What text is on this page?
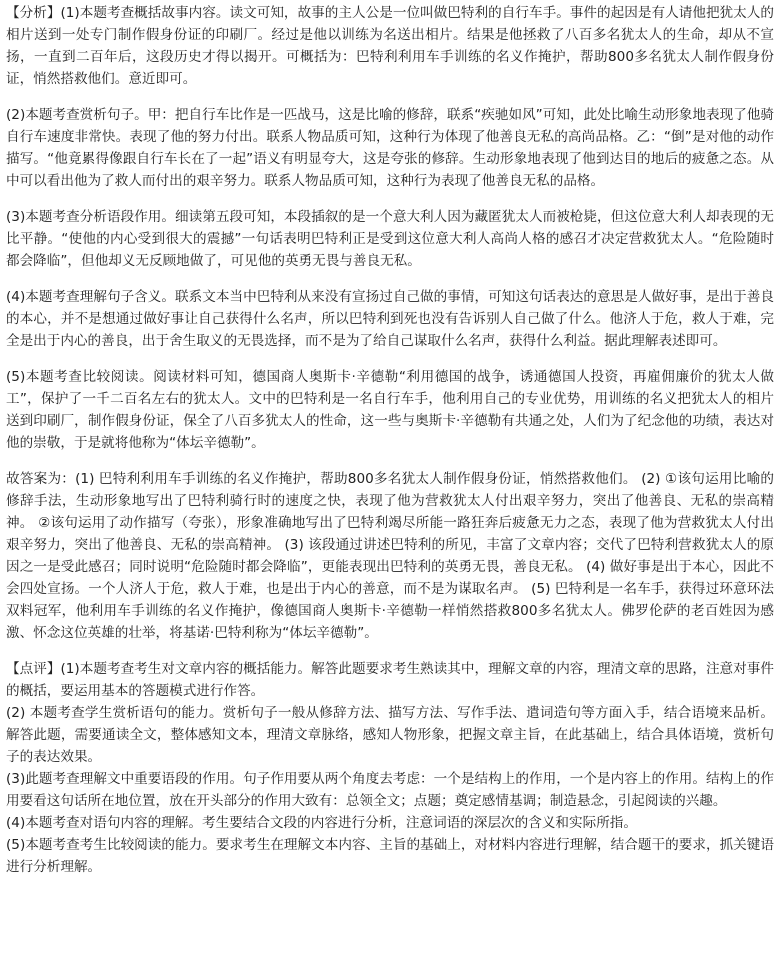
【分析】(1)本题考查概括故事内容。读文可知，故事的主人公是一位叫做巴特利的自行车手。事件的起因是有人请他把犹太人的相片送到一处专门制作假身份证的印刷厂。经过是他以训练为名送出相片。结果是他拯救了八百多名犹太人的生命，却从不宣扬，一直到二百年后，这段历史才得以揭开。可概括为：巴特利利用车手训练的名义作掩护，帮助800多名犹太人制作假身份证，悄然搭救他们。意近即可。

(2)本题考查赏析句子。甲：把自行车比作是一匹战马，这是比喻的修辞，联系“疾驰如风”可知，此处比喻生动形象地表现了他骑自行车速度非常快。表现了他的努力付出。联系人物品质可知，这种行为体现了他善良无私的高尚品格。乙：“倒”是对他的动作描写。“他竟累得像跟自行车长在了一起”语义有明显夸大，这是夸张的修辞。生动形象地表现了他到达目的地后的疲惫之态。从中可以看出他为了救人而付出的艰辛努力。联系人物品质可知，这种行为表现了他善良无私的品格。

(3)本题考查分析语段作用。细读第五段可知，本段插叙的是一个意大利人因为藏匿犹太人而被枪毙，但这位意大利人却表现的无比平静。“使他的内心受到很大的震撼”一句话表明巴特利正是受到这位意大利人高尚人格的感召才决定营救犹太人。“危险随时都会降临”，但他却义无反顾地做了，可见他的英勇无畏与善良无私。

(4)本题考查理解句子含义。联系文本当中巴特利从来没有宣扬过自己做的事情，可知这句话表达的意思是人做好事，是出于善良的本心，并不是想通过做好事让自己获得什么名声，所以巴特利到死也没有告诉别人自己做了什么。他济人于危，救人于难，完全是出于内心的善良，出于舍生取义的无畏选择，而不是为了给自己谋取什么名声，获得什么利益。据此理解表述即可。

(5)本题考查比较阅读。阅读材料可知，德国商人奥斯卡·辛德勒“利用德国的战争，诱通德国人投资，再雇佣廉价的犹太人做工”，保护了一千二百名左右的犹太人。文中的巴特利是一名自行车手，他利用自己的专业优势，用训练的名义把犹太人的相片送到印刷厂，制作假身份证，保全了八百多犹太人的性命，这一些与奥斯卡·辛德勒有共通之处，人们为了纪念他的功绩，表达对他的崇敬，于是就将他称为“体坛辛德勒”。

故答案为：(1) 巴特利利用车手训练的名义作掩护，帮助800多名犹太人制作假身份证，悄然搭救他们。 (2) ①该句运用比喻的修辞手法，生动形象地写出了巴特利骑行时的速度之快，表现了他为营救犹太人付出艰辛努力，突出了他善良、无私的崇高精神。 ②该句运用了动作描写（夸张），形象准确地写出了巴特利竭尽所能一路狂奔后疲惫无力之态，表现了他为营救犹太人付出艰辛努力，突出了他善良、无私的崇高精神。 (3) 该段通过讲述巴特利的所见，丰富了文章内容；交代了巴特利营救犹太人的原因之一是受此感召；同时说明“危险随时都会降临”，更能表现出巴特利的英勇无畏，善良无私。 (4) 做好事是出于本心，因此不会四处宣扬。一个人济人于危，救人于难，也是出于内心的善意，而不是为谋取名声。 (5) 巴特利是一名车手，获得过环意环法双料冠军，他利用车手训练的名义作掩护，像德国商人奥斯卡·辛德勒一样悄然搭救800多名犹太人。佛罗伦萨的老百姓因为感激、怀念这位英雄的壮举，将基诺·巴特利称为“体坛辛德勒”。

【点评】(1)本题考查考生对文章内容的概括能力。解答此题要求考生熟读其中，理解文章的内容，理清文章的思路，注意对事件的概括，要运用基本的答题模式进行作答。

(2) 本题考查学生赏析语句的能力。赏析句子一般从修辞方法、描写方法、写作手法、遣词造句等方面入手，结合语境来品析。解答此题，需要通读全文，整体感知文本，理清文章脉络，感知人物形象，把握文章主旨，在此基础上，结合具体语境，赏析句子的表达效果。

(3)此题考查理解文中重要语段的作用。句子作用要从两个角度去考虑：一个是结构上的作用，一个是内容上的作用。结构上的作用要看这句话所在地位置，放在开头部分的作用大致有：总领全文；点题；奠定感情基调；制造悬念，引起阅读的兴趣。

(4)本题考查对语句内容的理解。考生要结合文段的内容进行分析，注意词语的深层次的含义和实际所指。

(5)本题考查考生比较阅读的能力。要求考生在理解文本内容、主旨的基础上，对材料内容进行理解，结合题干的要求，抓关键语进行分析理解。
